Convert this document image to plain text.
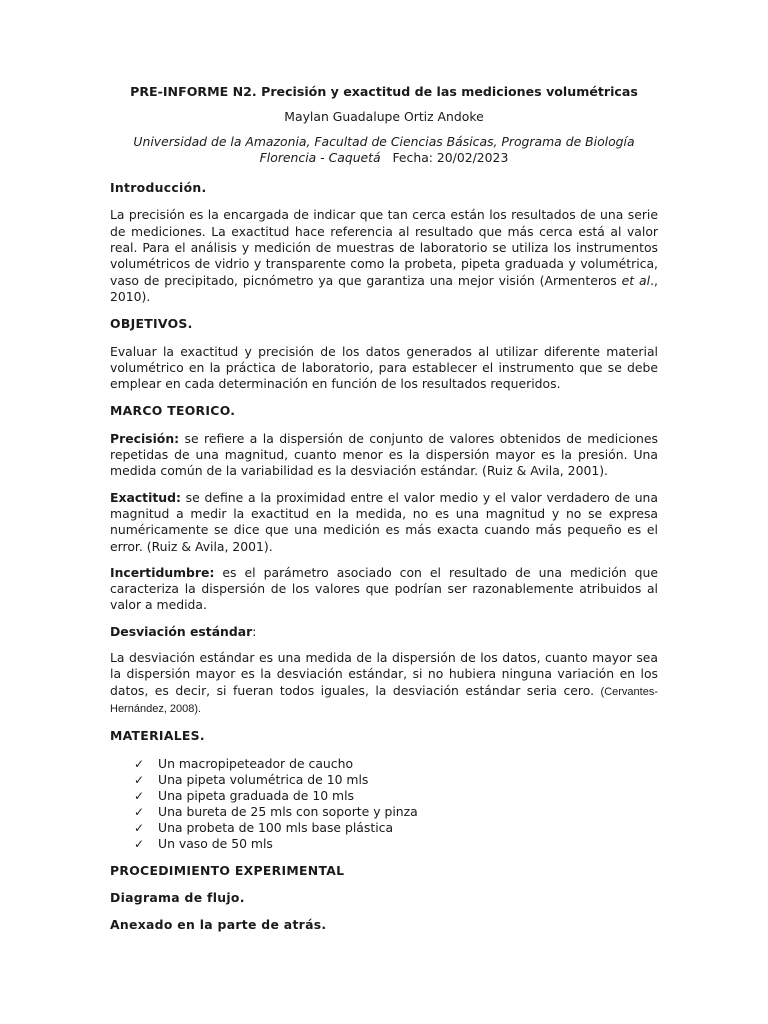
PRE-INFORME N2. Precisión y exactitud de las mediciones volumétricas
Maylan Guadalupe Ortiz Andoke
Universidad de la Amazonia, Facultad de Ciencias Básicas, Programa de Biología
Florencia - Caquetá Fecha: 20/02/2023
Introducción.

La precisión es la encargada de indicar que tan cerca están los resultados de una serie de mediciones. La exactitud hace referencia al resultado que más cerca está al valor real. Para el análisis y medición de muestras de laboratorio se utiliza los instrumentos volumétricos de vidrio y transparente como la probeta, pipeta graduada y volumétrica, vaso de precipitado, picnómetro ya que garantiza una mejor visión (Armenteros et al., 2010).

OBJETIVOS.

Evaluar la exactitud y precisión de los datos generados al utilizar diferente material volumétrico en la práctica de laboratorio, para establecer el instrumento que se debe emplear en cada determinación en función de los resultados requeridos.

MARCO TEORICO.

Precisión: se refiere a la dispersión de conjunto de valores obtenidos de mediciones repetidas de una magnitud, cuanto menor es la dispersión mayor es la presión. Una medida común de la variabilidad es la desviación estándar. (Ruiz & Avila, 2001).

Exactitud: se define a la proximidad entre el valor medio y el valor verdadero de una magnitud a medir la exactitud en la medida, no es una magnitud y no se expresa numéricamente se dice que una medición es más exacta cuando más pequeño es el error. (Ruiz & Avila, 2001).

Incertidumbre: es el parámetro asociado con el resultado de una medición que caracteriza la dispersión de los valores que podrían ser razonablemente atribuidos al valor a medida.

Desviación estándar:

La desviación estándar es una medida de la dispersión de los datos, cuanto mayor sea la dispersión mayor es la desviación estándar, si no hubiera ninguna variación en los datos, es decir, si fueran todos iguales, la desviación estándar seria cero. (Cervantes-Hernández, 2008).

MATERIALES.
✓ Un macropipeteador de caucho
✓ Una pipeta volumétrica de 10 mls
✓ Una pipeta graduada de 10 mls
✓ Una bureta de 25 mls con soporte y pinza
✓ Una probeta de 100 mls base plástica
✓ Un vaso de 50 mls
PROCEDIMIENTO EXPERIMENTAL
Diagrama de flujo.
Anexado en la parte de atrás.
